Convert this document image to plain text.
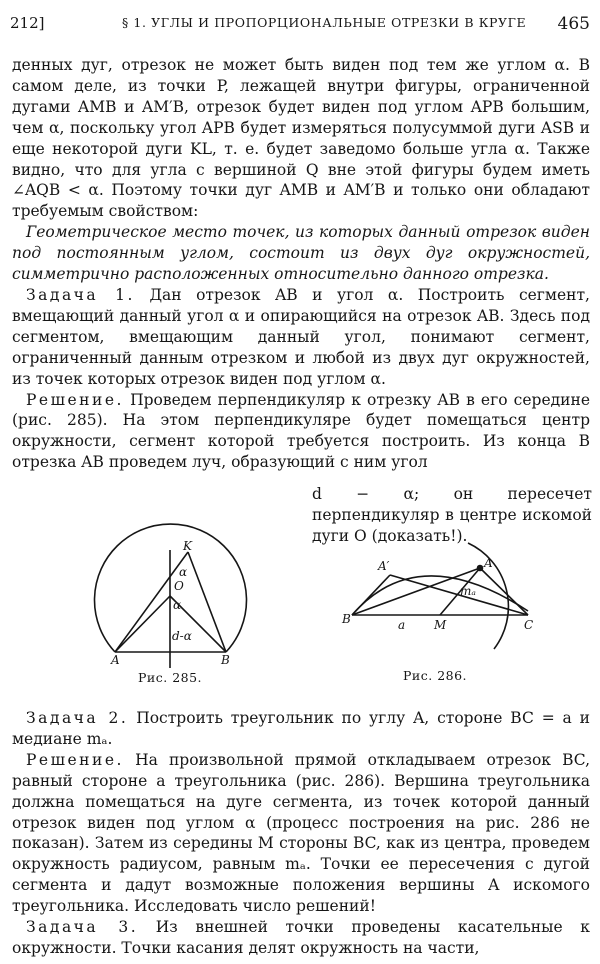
212]	§ 1. УГЛЫ И ПРОПОРЦИОНАЛЬНЫЕ ОТРЕЗКИ В КРУГЕ 465

денных дуг, отрезок не может быть виден под тем же углом α. В самом деле, из точки P, лежащей внутри фигуры, ограниченной дугами AMB и AM′B, отрезок будет виден под углом APB большим, чем α, поскольку угол APB будет измеряться полусуммой дуги ASB и еще некоторой дуги KL, т. е. будет заведомо больше угла α. Также видно, что для угла с вершиной Q вне этой фигуры будем иметь ∠AQB < α. Поэтому точки дуг AMB и AM′B и только они обладают требуемым свойством:

Геометрическое место точек, из которых данный отрезок виден под постоянным углом, состоит из двух дуг окружностей, симметрично расположенных относительно данного отрезка.

Задача 1. Дан отрезок AB и угол α. Построить сегмент, вмещающий данный угол α и опирающийся на отрезок AB. Здесь под сегментом, вмещающим данный угол, понимают сегмент, ограниченный данным отрезком и любой из двух дуг окружностей, из точек которых отрезок виден под углом α.

Решение. Проведем перпендикуляр к отрезку AB в его середине (рис. 285). На этом перпендикуляре будет помещаться центр окружности, сегмент которой требуется построить. Из конца B отрезка AB проведем луч, образующий с ним угол

d − α; он пересечет перпендикуляр в центре искомой дуги O (доказать!).
K
α
O
α
d-α
A	B
Рис. 285.
A′	A
mₐ
B	a M	C
Рис. 286.

Задача 2. Построить треугольник по углу A, стороне BC = a и медиане mₐ.

Решение. На произвольной прямой откладываем отрезок BC, равный стороне a треугольника (рис. 286). Вершина треугольника должна помещаться на дуге сегмента, из точек которой данный отрезок виден под углом α (процесс построения на рис. 286 не показан). Затем из середины M стороны BC, как из центра, проведем окружность радиусом, равным mₐ. Точки ее пересечения с дугой сегмента и дадут возможные положения вершины A искомого треугольника. Исследовать число решений!

Задача 3. Из внешней точки проведены касательные к окружности. Точки касания делят окружность на части,
